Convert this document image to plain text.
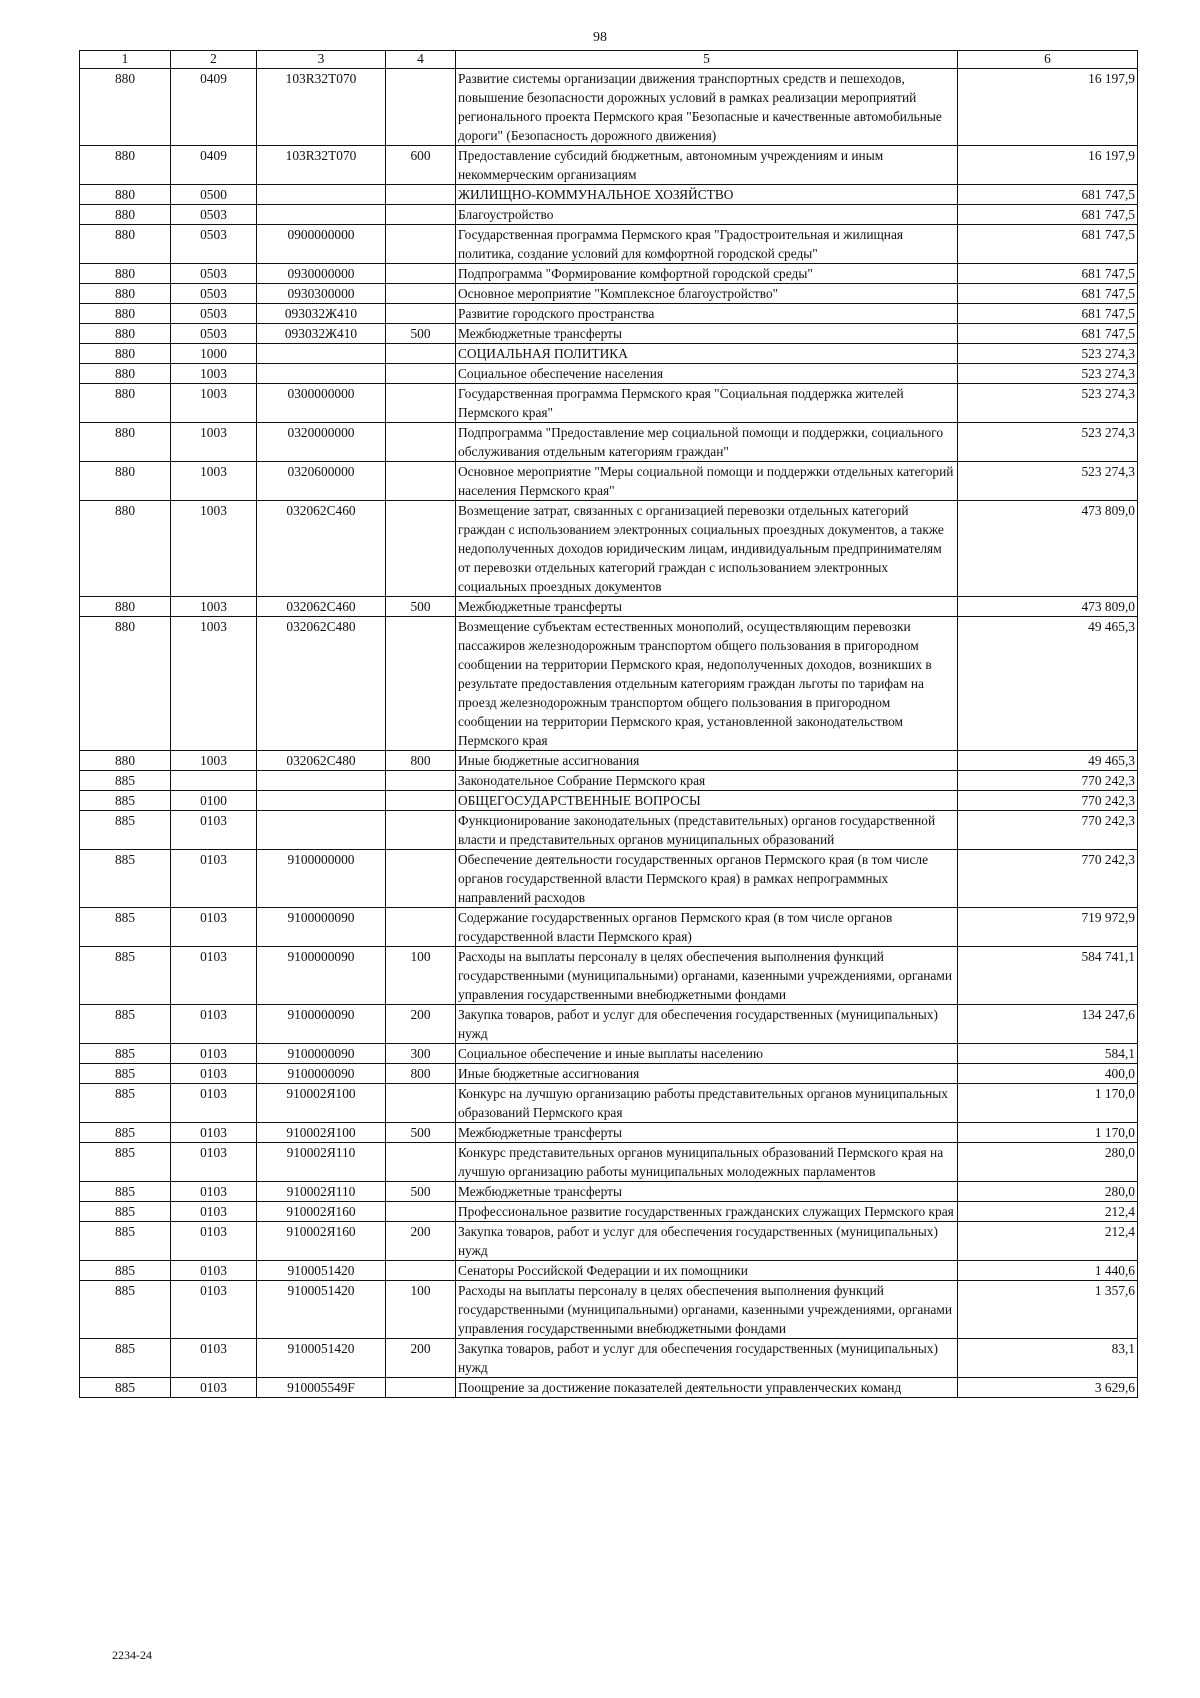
98
1	2	3	4	5	6
880	0409	103R32T070		Развитие системы организации движения транспортных средств и пешеходов, повышение безопасности дорожных условий в рамках реализации мероприятий регионального проекта Пермского края "Безопасные и качественные автомобильные дороги" (Безопасность дорожного движения)	16 197,9
880	0409	103R32T070	600	Предоставление субсидий бюджетным, автономным учреждениям и иным некоммерческим организациям	16 197,9
880	0500			ЖИЛИЩНО-КОММУНАЛЬНОЕ ХОЗЯЙСТВО	681 747,5
880	0503			Благоустройство	681 747,5
880	0503	0900000000		Государственная программа Пермского края "Градостроительная и жилищная политика, создание условий для комфортной городской среды"	681 747,5
880	0503	0930000000		Подпрограмма "Формирование комфортной городской среды"	681 747,5
880	0503	0930300000		Основное мероприятие "Комплексное благоустройство"	681 747,5
880	0503	093032Ж410		Развитие городского пространства	681 747,5
880	0503	093032Ж410	500	Межбюджетные трансферты	681 747,5
880	1000			СОЦИАЛЬНАЯ ПОЛИТИКА	523 274,3
880	1003			Социальное обеспечение населения	523 274,3
880	1003	0300000000		Государственная программа Пермского края "Социальная поддержка жителей Пермского края"	523 274,3
880	1003	0320000000		Подпрограмма "Предоставление мер социальной помощи и поддержки, социального обслуживания отдельным категориям граждан"	523 274,3
880	1003	0320600000		Основное мероприятие "Меры социальной помощи и поддержки отдельных категорий населения Пермского края"	523 274,3
880	1003	032062С460		Возмещение затрат, связанных с организацией перевозки отдельных категорий граждан с использованием электронных социальных проездных документов, а также недополученных доходов юридическим лицам, индивидуальным предпринимателям от перевозки отдельных категорий граждан с использованием электронных социальных проездных документов	473 809,0
880	1003	032062С460	500	Межбюджетные трансферты	473 809,0
880	1003	032062С480		Возмещение субъектам естественных монополий, осуществляющим перевозки пассажиров железнодорожным транспортом общего пользования в пригородном сообщении на территории Пермского края, недополученных доходов, возникших в результате предоставления отдельным категориям граждан льготы по тарифам на проезд железнодорожным транспортом общего пользования в пригородном сообщении на территории Пермского края, установленной законодательством Пермского края	49 465,3
880	1003	032062С480	800	Иные бюджетные ассигнования	49 465,3
885				Законодательное Собрание Пермского края	770 242,3
885	0100			ОБЩЕГОСУДАРСТВЕННЫЕ ВОПРОСЫ	770 242,3
885	0103			Функционирование законодательных (представительных) органов государственной власти и представительных органов муниципальных образований	770 242,3
885	0103	9100000000		Обеспечение деятельности государственных органов Пермского края (в том числе органов государственной власти Пермского края) в рамках непрограммных направлений расходов	770 242,3
885	0103	9100000090		Содержание государственных органов Пермского края (в том числе органов государственной власти Пермского края)	719 972,9
885	0103	9100000090	100	Расходы на выплаты персоналу в целях обеспечения выполнения функций государственными (муниципальными) органами, казенными учреждениями, органами управления государственными внебюджетными фондами	584 741,1
885	0103	9100000090	200	Закупка товаров, работ и услуг для обеспечения государственных (муниципальных) нужд	134 247,6
885	0103	9100000090	300	Социальное обеспечение и иные выплаты населению	584,1
885	0103	9100000090	800	Иные бюджетные ассигнования	400,0
885	0103	910002Я100		Конкурс на лучшую организацию работы представительных органов муниципальных образований Пермского края	1 170,0
885	0103	910002Я100	500	Межбюджетные трансферты	1 170,0
885	0103	910002Я110		Конкурс представительных органов муниципальных образований Пермского края на лучшую организацию работы муниципальных молодежных парламентов	280,0
885	0103	910002Я110	500	Межбюджетные трансферты	280,0
885	0103	910002Я160		Профессиональное развитие государственных гражданских служащих Пермского края	212,4
885	0103	910002Я160	200	Закупка товаров, работ и услуг для обеспечения государственных (муниципальных) нужд	212,4
885	0103	9100051420		Сенаторы Российской Федерации и их помощники	1 440,6
885	0103	9100051420	100	Расходы на выплаты персоналу в целях обеспечения выполнения функций государственными (муниципальными) органами, казенными учреждениями, органами управления государственными внебюджетными фондами	1 357,6
885	0103	9100051420	200	Закупка товаров, работ и услуг для обеспечения государственных (муниципальных) нужд	83,1
885	0103	910005549F		Поощрение за достижение показателей деятельности управленческих команд	3 629,6
2234-24
